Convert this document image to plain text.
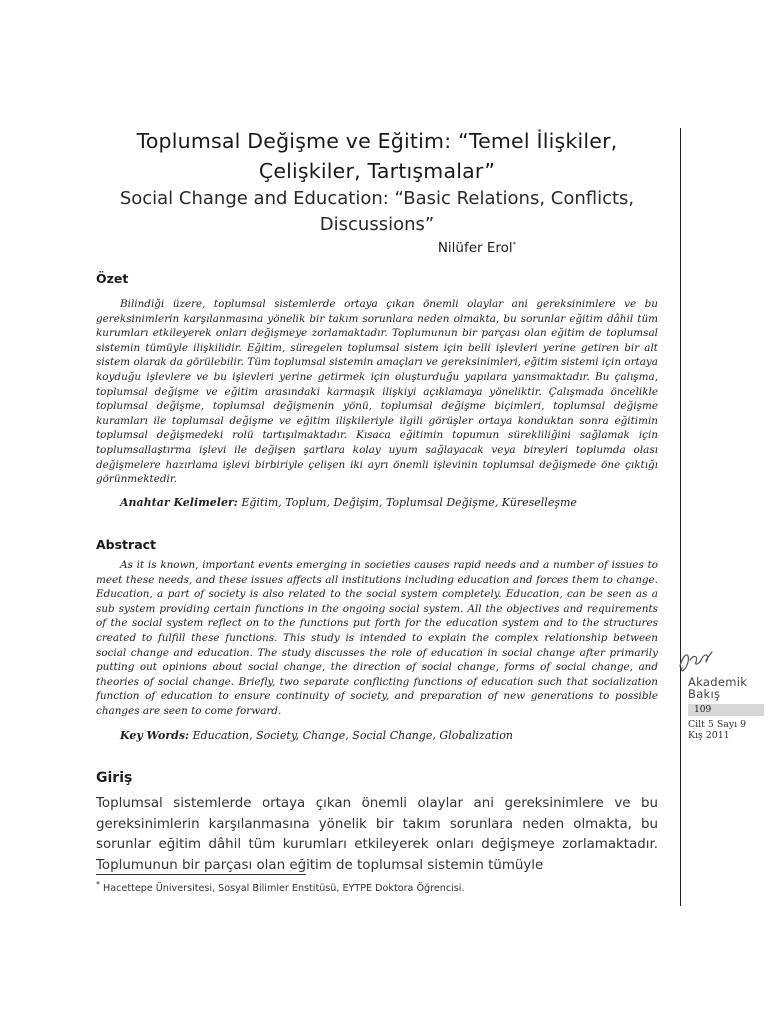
Toplumsal Değişme ve Eğitim: “Temel İlişkiler,
Çelişkiler, Tartışmalar”
Social Change and Education: “Basic Relations, Conflicts,
Discussions”
Nilüfer Erol*
Özet

Bilindiği üzere, toplumsal sistemlerde ortaya çıkan önemli olaylar ani gereksinimlere ve bu gereksinimlerin karşılanmasına yönelik bir takım sorunlara neden olmakta, bu sorunlar eğitim dâhil tüm kurumları etkileyerek onları değişmeye zorlamaktadır. Toplumunun bir parçası olan eğitim de toplumsal sistemin tümüyle ilişkilidir. Eğitim, süregelen toplumsal sistem için belli işlevleri yerine getiren bir alt sistem olarak da görülebilir. Tüm toplumsal sistemin amaçları ve gereksinimleri, eğitim sistemi için ortaya koyduğu işlevlere ve bu işlevleri yerine getirmek için oluşturduğu yapılara yansımaktadır. Bu çalışma, toplumsal değişme ve eğitim arasındaki karmaşık ilişkiyi açıklamaya yöneliktir. Çalışmada öncelikle toplumsal değişme, toplumsal değişmenin yönü, toplumsal değişme biçimleri, toplumsal değişme kuramları ile toplumsal değişme ve eğitim ilişkileriyle ilgili görüşler ortaya konduktan sonra eğitimin toplumsal değişmedeki rolü tartışılmaktadır. Kısaca eğitimin topumun sürekliliğini sağlamak için toplumsallaştırma işlevi ile değişen şartlara kolay uyum sağlayacak veya bireyleri toplumda olası değişmelere hazırlama işlevi birbiriyle çelişen iki ayrı önemli işlevinin toplumsal değişmede öne çıktığı görünmektedir.

Anahtar Kelimeler: Eğitim, Toplum, Değişim, Toplumsal Değişme, Küreselleşme
Abstract

As it is known, important events emerging in societies causes rapid needs and a number of issues to meet these needs, and these issues affects all institutions including education and forces them to change. Education, a part of society is also related to the social system completely. Education, can be seen as a sub system providing certain functions in the ongoing social system. All the objectives and requirements of the social system reflect on to the functions put forth for the education system and to the structures created to fulfill these functions. This study is intended to explain the complex relationship between social change and education. The study discusses the role of education in social change after primarily putting out opinions about social change, the direction of social change, forms of social change, and theories of social change. Briefly, two separate conflicting functions of education such that socialization function of education to ensure continuity of society, and preparation of new generations to possible changes are seen to come forward.

Key Words: Education, Society, Change, Social Change, Globalization
Giriş

Toplumsal sistemlerde ortaya çıkan önemli olaylar ani gereksinimlere ve bu gereksinimlerin karşılanmasına yönelik bir takım sorunlara neden olmakta, bu sorunlar eğitim dâhil tüm kurumları etkileyerek onları değişmeye zorlamaktadır. Toplumunun bir parçası olan eğitim de toplumsal sistemin tümüyle

* Hacettepe Üniversitesi, Sosyal Bilimler Enstitüsü, EYTPE Doktora Öğrencisi.
Akademik
Bakış
109
Cilt 5 Sayı 9
Kış 2011
